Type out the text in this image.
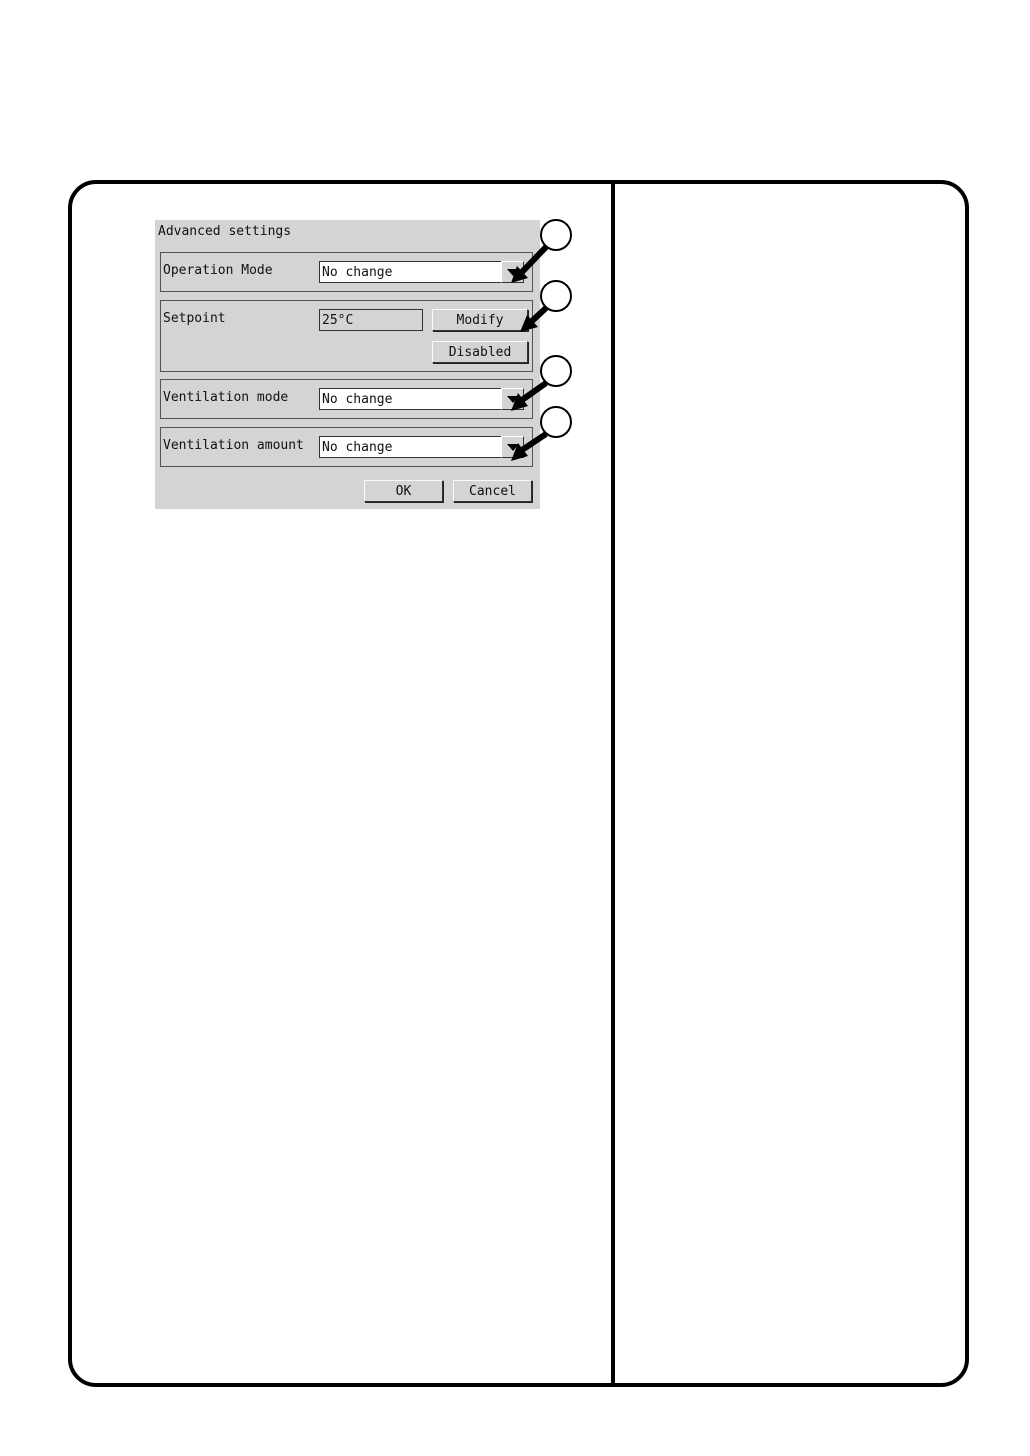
Advanced settings
Operation Mode	No change
Setpoint	25°C	Modify
Disabled
Ventilation mode	No change
Ventilation amount No change
OK	Cancel
